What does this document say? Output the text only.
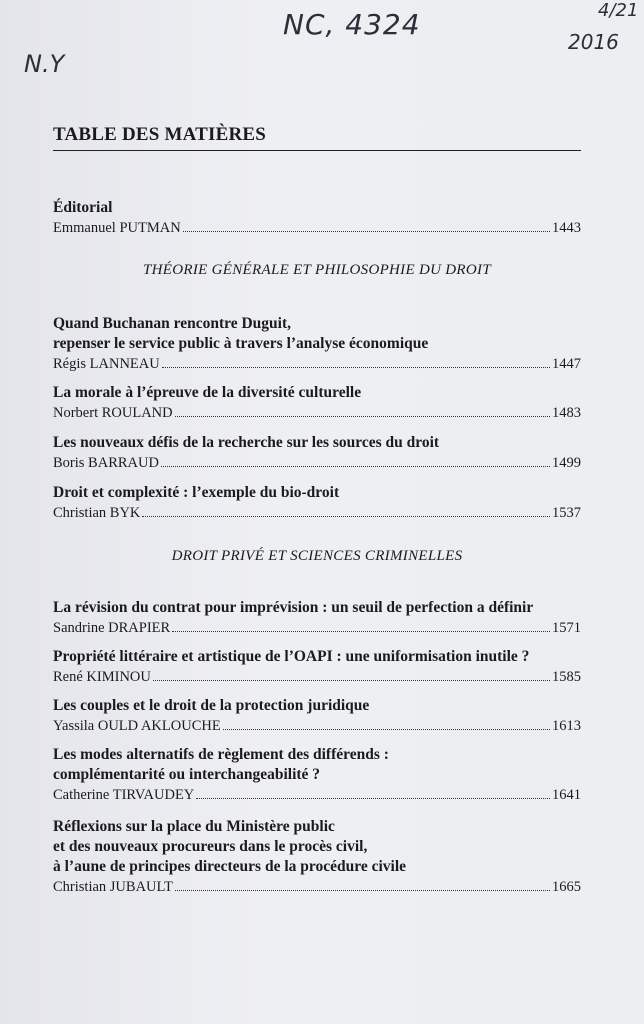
NC, 4324
N.Y
4/21
2016
TABLE DES MATIÈRES
Éditorial
Emmanuel PUTMAN	1443
THÉORIE GÉNÉRALE ET PHILOSOPHIE DU DROIT
Quand Buchanan rencontre Duguit,
repenser le service public à travers l’analyse économique
Régis LANNEAU	1447
La morale à l’épreuve de la diversité culturelle
Norbert ROULAND	1483
Les nouveaux défis de la recherche sur les sources du droit
Boris BARRAUD	1499
Droit et complexité : l’exemple du bio-droit
Christian BYK	1537
DROIT PRIVÉ ET SCIENCES CRIMINELLES
La révision du contrat pour imprévision : un seuil de perfection a définir
Sandrine DRAPIER	1571
Propriété littéraire et artistique de l’OAPI : une uniformisation inutile ?
René KIMINOU	1585
Les couples et le droit de la protection juridique
Yassila OULD AKLOUCHE	1613
Les modes alternatifs de règlement des différends :
complémentarité ou interchangeabilité ?
Catherine TIRVAUDEY	1641
Réflexions sur la place du Ministère public
et des nouveaux procureurs dans le procès civil,
à l’aune de principes directeurs de la procédure civile
Christian JUBAULT	1665
